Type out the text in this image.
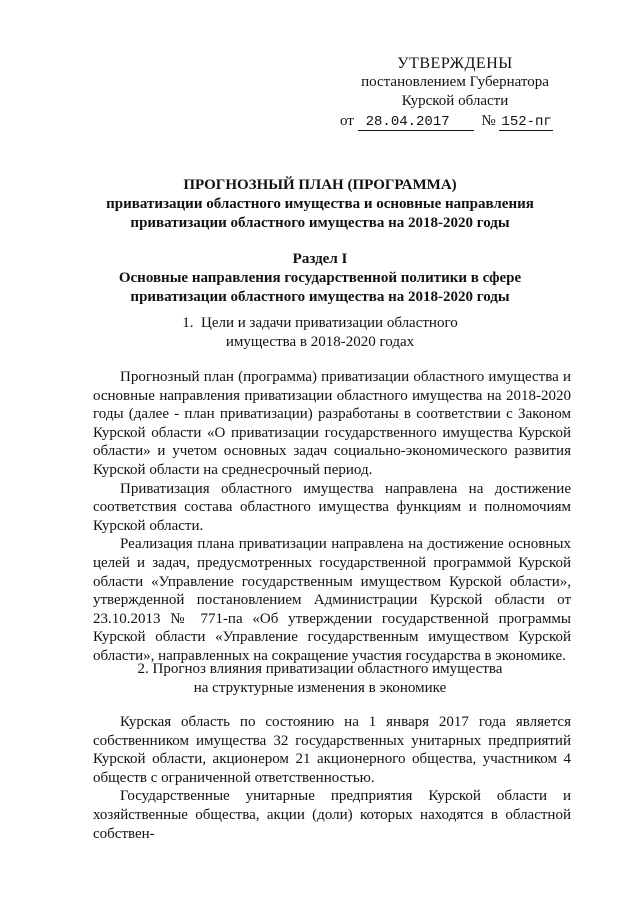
УТВЕРЖДЕНЫ
постановлением Губернатора
Курской области
от 28.04.2017 № 152-пг
ПРОГНОЗНЫЙ ПЛАН (ПРОГРАММА)
приватизации областного имущества и основные направления
приватизации областного имущества на 2018-2020 годы
Раздел I
Основные направления государственной политики в сфере
приватизации областного имущества на 2018-2020 годы
1.  Цели и задачи приватизации областного
имущества в 2018-2020 годах

Прогнозный план (программа) приватизации областного имущества и основные направления приватизации областного имущества на 2018-2020 годы (далее - план приватизации) разработаны в соответствии с Законом Курской области «О приватизации государственного имущества Курской области» и учетом основных задач социально-экономического развития Курской области на среднесрочный период.

Приватизация областного имущества направлена на достижение соответствия состава областного имущества функциям и полномочиям Курской области.

Реализация плана приватизации направлена на достижение основных целей и задач, предусмотренных государственной программой Курской области «Управление государственным имуществом Курской области», утвержденной постановлением Администрации Курской области от 23.10.2013 № 771-па «Об утверждении государственной программы Курской области «Управление государственным имуществом Курской области», направленных на сокращение участия государства в экономике.

2. Прогноз влияния приватизации областного имущества
на структурные изменения в экономике

Курская область по состоянию на 1 января 2017 года является собственником имущества 32 государственных унитарных предприятий Курской области, акционером 21 акционерного общества, участником 4 обществ с ограниченной ответственностью.

Государственные унитарные предприятия Курской области и хозяйственные общества, акции (доли) которых находятся в областной собствен-
